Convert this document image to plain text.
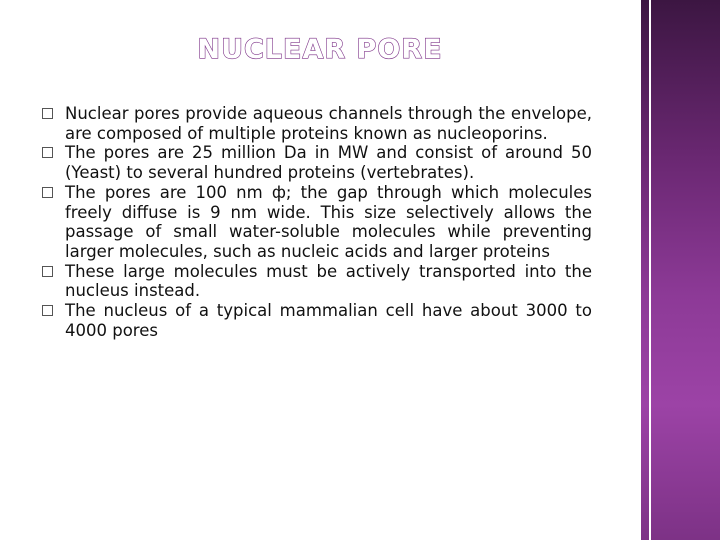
NUCLEAR PORE
Nuclear pores provide aqueous channels through the envelope, are composed of multiple proteins known as nucleoporins.
The pores are 25 million Da in MW and consist of around 50 (Yeast) to several hundred proteins (vertebrates).
The pores are 100 nm ф; the gap through which molecules freely diffuse is 9 nm wide. This size selectively allows the passage of small water-soluble molecules while preventing larger molecules, such as nucleic acids and larger proteins
These large molecules must be actively transported into the nucleus instead.
The nucleus of a typical mammalian cell have about 3000 to 4000 pores
